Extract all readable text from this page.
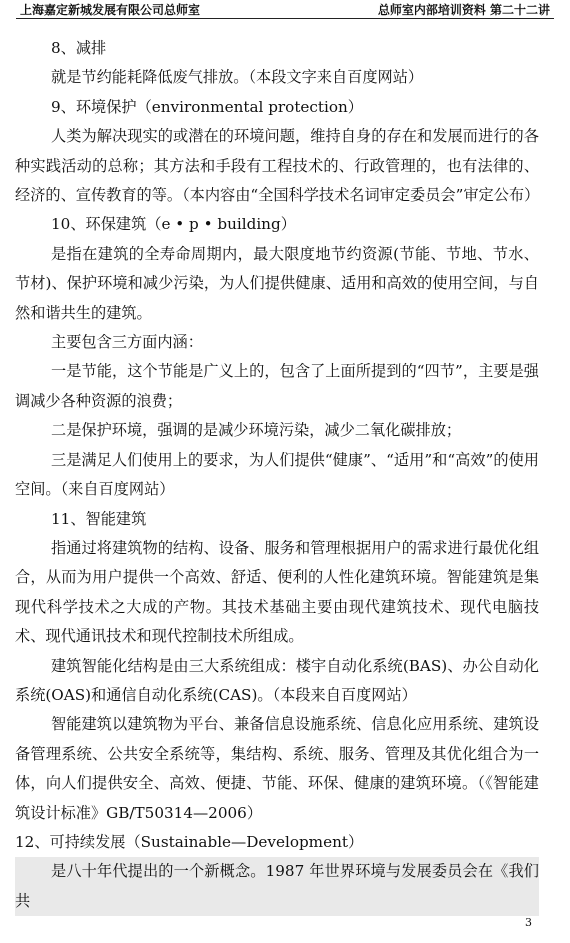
上海嘉定新城发展有限公司总师室	总师室内部培训资料 第二十二讲

8、减排

就是节约能耗降低废气排放。（本段文字来自百度网站）

9、环境保护（environmental protection）

人类为解决现实的或潜在的环境问题，维持自身的存在和发展而进行的各种实践活动的总称；其方法和手段有工程技术的、行政管理的，也有法律的、经济的、宣传教育的等。（本内容由“全国科学技术名词审定委员会”审定公布）

10、环保建筑（e • p • building）

是指在建筑的全寿命周期内，最大限度地节约资源(节能、节地、节水、节材)、保护环境和减少污染，为人们提供健康、适用和高效的使用空间，与自然和谐共生的建筑。

主要包含三方面内涵：

一是节能，这个节能是广义上的，包含了上面所提到的“四节”，主要是强调减少各种资源的浪费；

二是保护环境，强调的是减少环境污染，减少二氧化碳排放；

三是满足人们使用上的要求，为人们提供“健康”、“适用”和“高效”的使用空间。（来自百度网站）

11、智能建筑

指通过将建筑物的结构、设备、服务和管理根据用户的需求进行最优化组合，从而为用户提供一个高效、舒适、便利的人性化建筑环境。智能建筑是集现代科学技术之大成的产物。其技术基础主要由现代建筑技术、现代电脑技术、现代通讯技术和现代控制技术所组成。

建筑智能化结构是由三大系统组成：楼宇自动化系统(BAS)、办公自动化系统(OAS)和通信自动化系统(CAS)。（本段来自百度网站）

智能建筑以建筑物为平台、兼备信息设施系统、信息化应用系统、建筑设备管理系统、公共安全系统等，集结构、系统、服务、管理及其优化组合为一体，向人们提供安全、高效、便捷、节能、环保、健康的建筑环境。（《智能建筑设计标准》GB/T50314—2006）

12、可持续发展（Sustainable—Development）

是八十年代提出的一个新概念。1987 年世界环境与发展委员会在《我们共

3
